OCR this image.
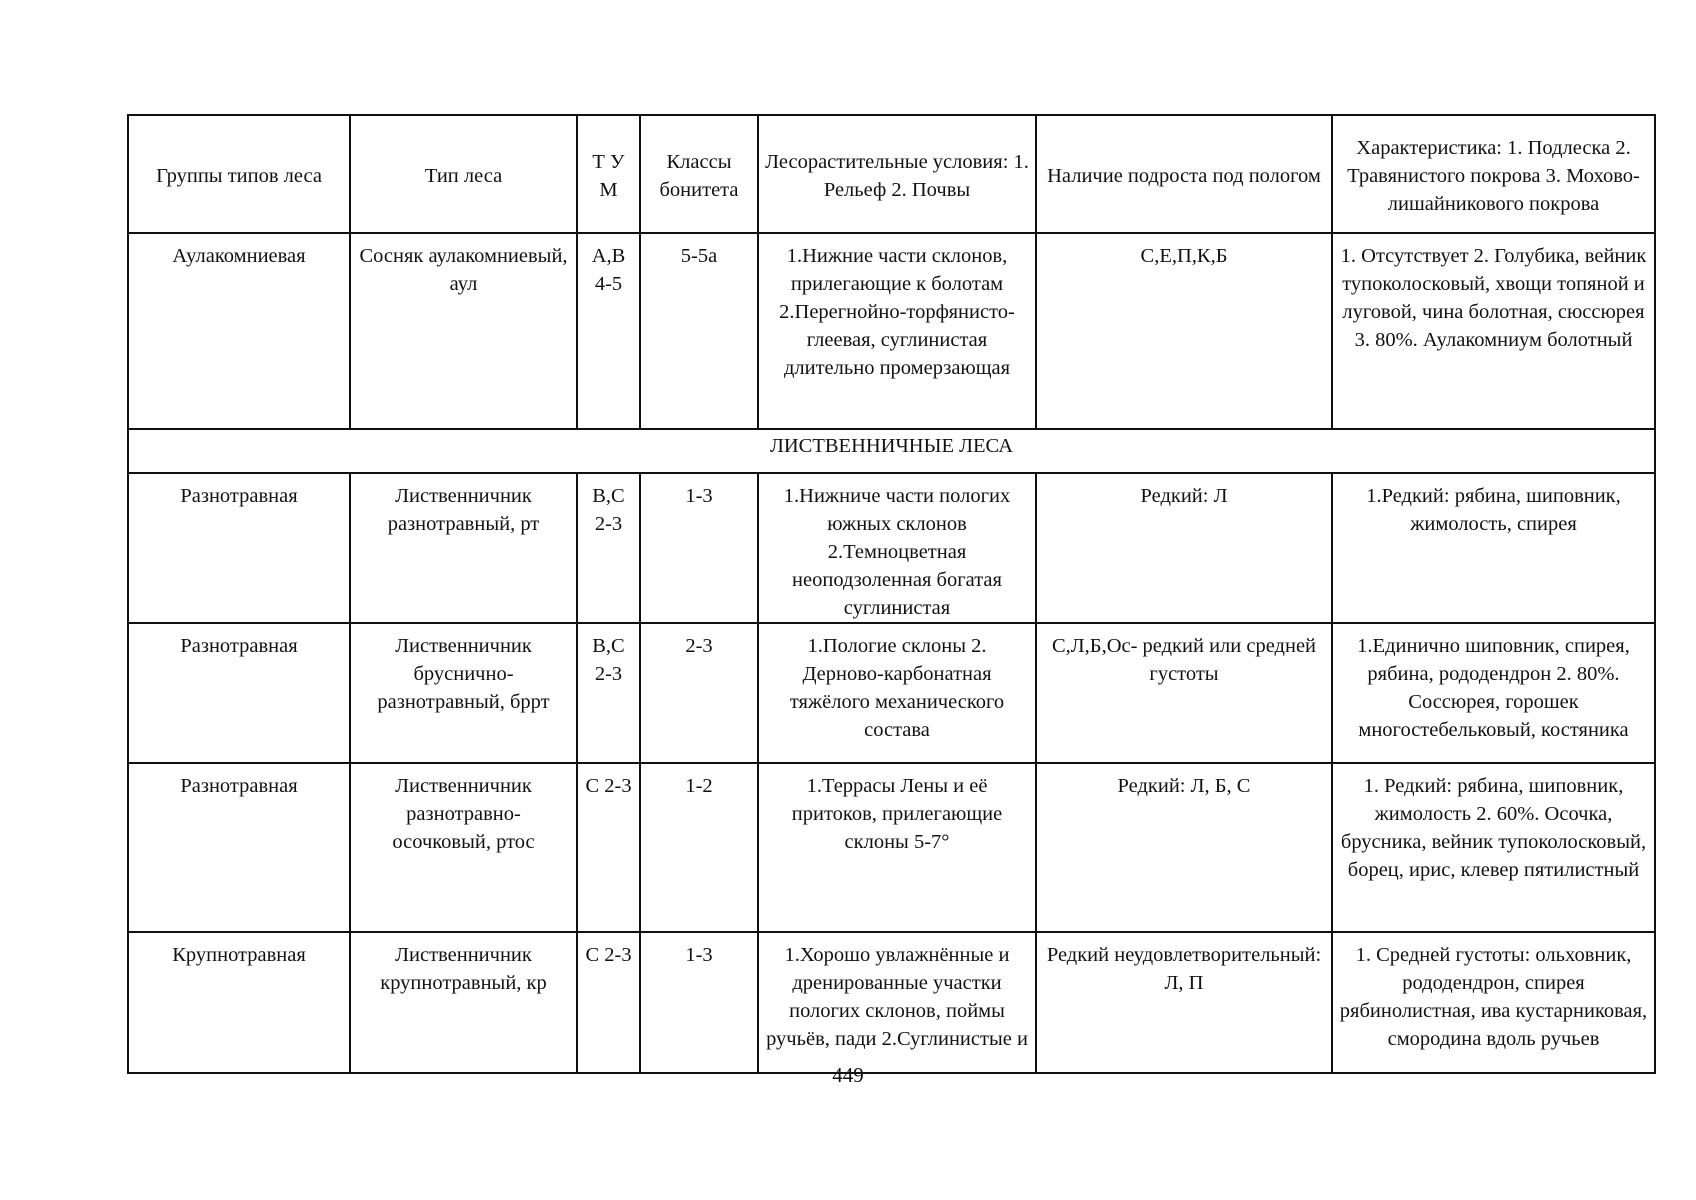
Группы типов леса	Тип леса	Т У М	Классы бонитета	Лесорастительные условия: 1. Рельеф 2. Почвы	Наличие подроста под пологом	Характеристика: 1. Подлеска 2. Травянистого покрова 3. Мохово-лишайникового покрова
Аулакомниевая	Сосняк аулакомниевый, аул	А,В 4-5	5-5а	1.Нижние части склонов, прилегающие к болотам 2.Перегнойно-торфянисто-глеевая, суглинистая длительно промерзающая	С,Е,П,К,Б	1. Отсутствует 2. Голубика, вейник тупоколосковый, хвощи топяной и луговой, чина болотная, сюссюрея 3. 80%. Аулакомниум болотный
ЛИСТВЕННИЧНЫЕ ЛЕСА						
Разнотравная	Лиственничник разнотравный, рт	В,С 2-3	1-3	1.Нижниче части пологих южных склонов 2.Темноцветная неоподзоленная богатая суглинистая	Редкий: Л	1.Редкий: рябина, шиповник, жимолость, спирея
Разнотравная	Лиственничник бруснично-разнотравный, бррт	В,С 2-3	2-3	1.Пологие склоны 2. Дерново-карбонатная тяжёлого механического состава	С,Л,Б,Ос- редкий или средней густоты	1.Единично шиповник, спирея, рябина, рододендрон 2. 80%. Соссюрея, горошек многостебельковый, костяника
Разнотравная	Лиственничник разнотравно-осочковый, ртос	С 2-3	1-2	1.Террасы Лены и её притоков, прилегающие склоны 5-7°	Редкий: Л, Б, С	1. Редкий: рябина, шиповник, жимолость 2. 60%. Осочка, брусника, вейник тупоколосковый, борец, ирис, клевер пятилистный
Крупнотравная	Лиственничник крупнотравный, кр	С 2-3	1-3	1.Хорошо увлажнённые и дренированные участки пологих склонов, поймы ручьёв, пади 2.Суглинистые и	Редкий неудовлетворительный: Л, П	1. Средней густоты: ольховник, рододендрон, спирея рябинолистная, ива кустарниковая, смородина вдоль ручьев
449
